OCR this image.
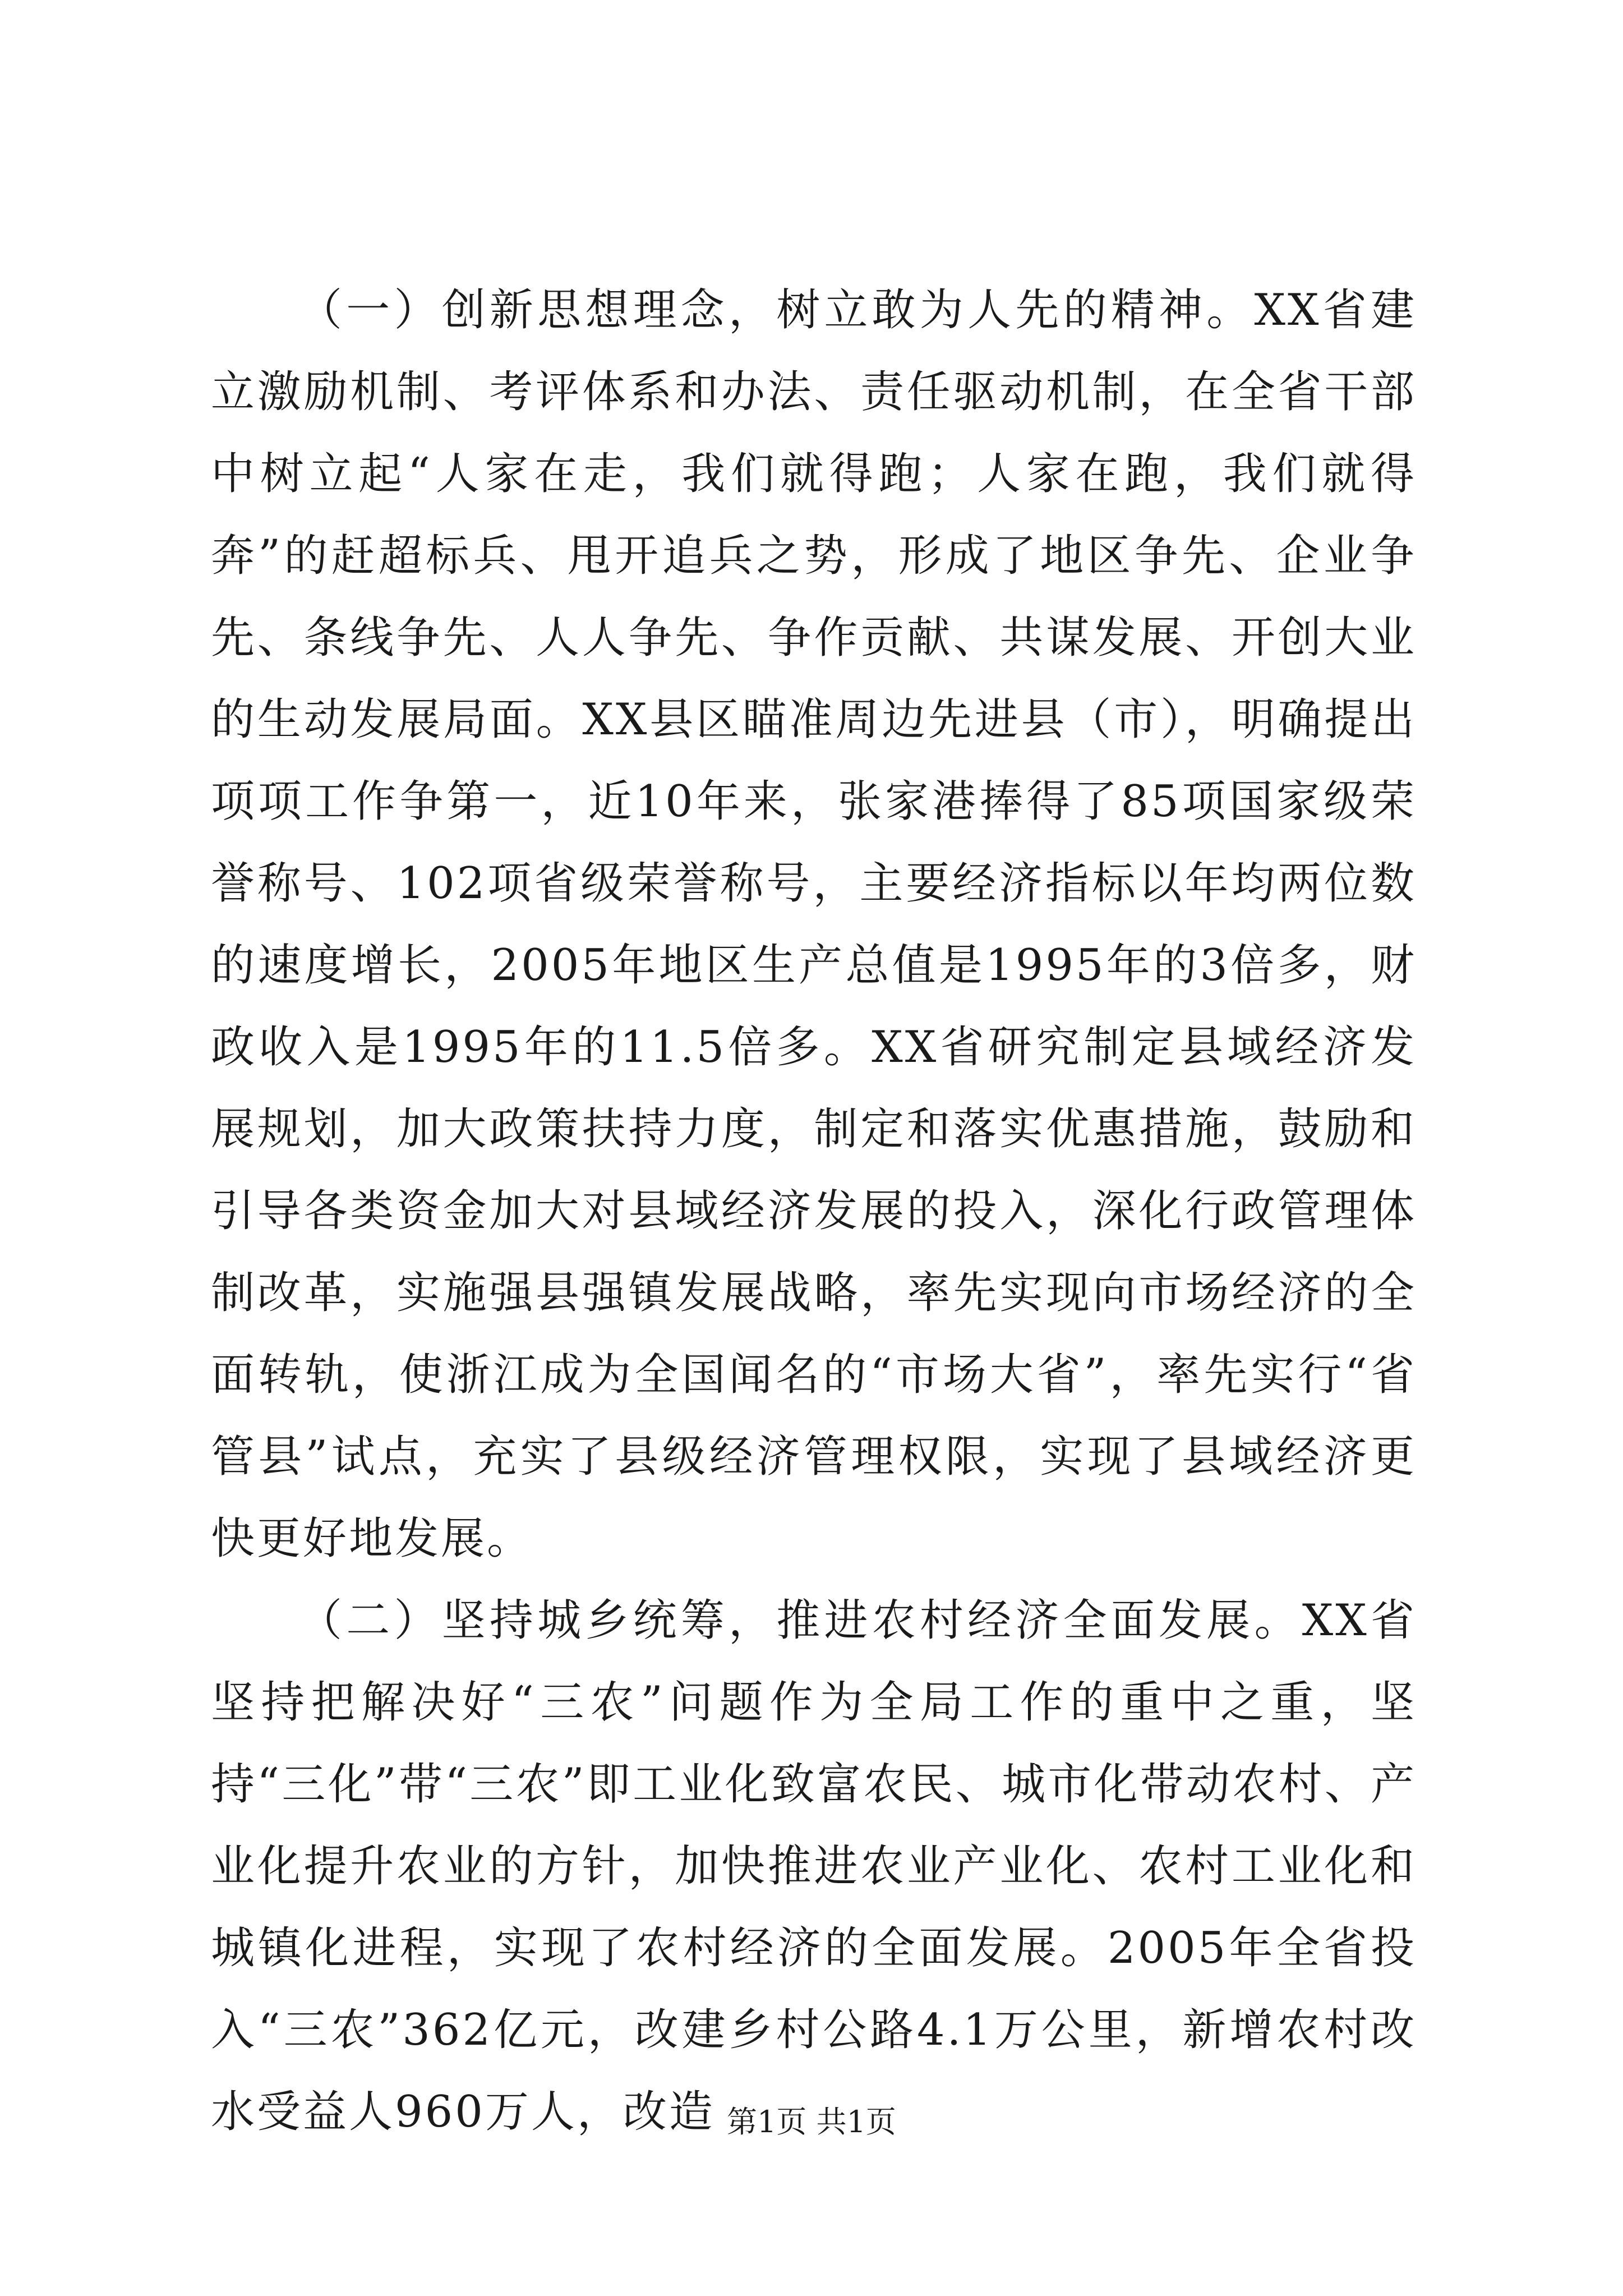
（一）创新思想理念，树立敢为人先的精神。XX省建立激励机制、考评体系和办法、责任驱动机制，在全省干部中树立起“人家在走，我们就得跑；人家在跑，我们就得奔”的赶超标兵、甩开追兵之势，形成了地区争先、企业争先、条线争先、人人争先、争作贡献、共谋发展、开创大业的生动发展局面。XX县区瞄准周边先进县（市），明确提出项项工作争第一，近10年来，张家港捧得了85项国家级荣誉称号、102项省级荣誉称号，主要经济指标以年均两位数的速度增长，2005年地区生产总值是1995年的3倍多，财政收入是1995年的11.5倍多。XX省研究制定县域经济发展规划，加大政策扶持力度，制定和落实优惠措施，鼓励和引导各类资金加大对县域经济发展的投入，深化行政管理体制改革，实施强县强镇发展战略，率先实现向市场经济的全面转轨，使浙江成为全国闻名的“市场大省”，率先实行“省管县”试点，充实了县级经济管理权限，实现了县域经济更快更好地发展。

（二）坚持城乡统筹，推进农村经济全面发展。XX省坚持把解决好“三农”问题作为全局工作的重中之重，坚持“三化”带“三农”即工业化致富农民、城市化带动农村、产业化提升农业的方针，加快推进农业产业化、农村工业化和城镇化进程，实现了农村经济的全面发展。2005年全省投入“三农”362亿元，改建乡村公路4.1万公里，新增农村改水受益人960万人，改造 第1页 共1页
